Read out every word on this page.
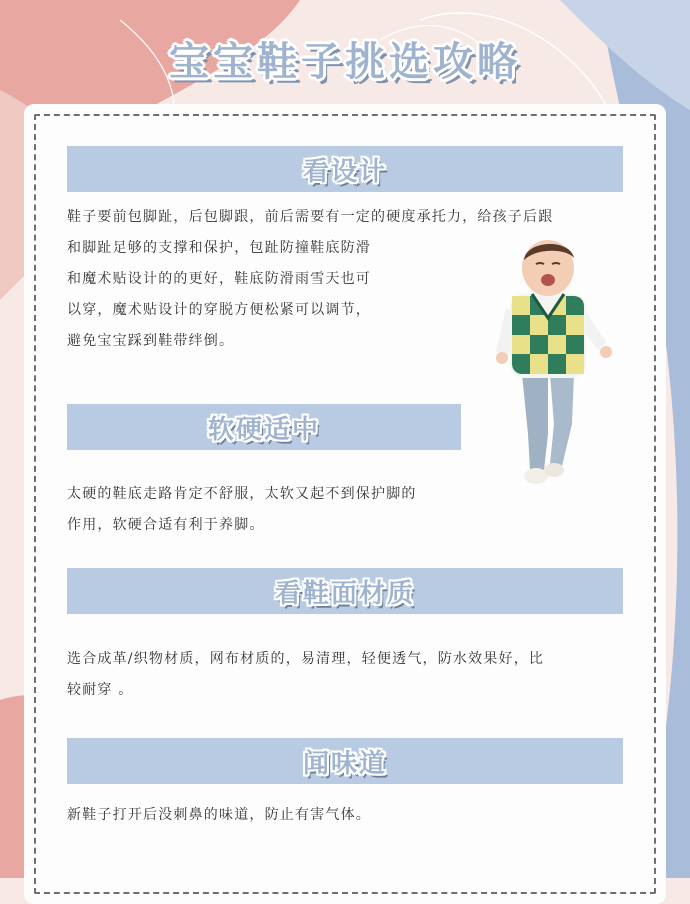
宝宝鞋子挑选攻略
看设计
鞋子要前包脚趾，后包脚跟，前后需要有一定的硬度承托力，给孩子后跟
和脚趾足够的支撑和保护，包趾防撞鞋底防滑
和魔术贴设计的的更好，鞋底防滑雨雪天也可
以穿，魔术贴设计的穿脱方便松紧可以调节，
避免宝宝踩到鞋带绊倒。
软硬适中
太硬的鞋底走路肯定不舒服，太软又起不到保护脚的
作用，软硬合适有利于养脚。
看鞋面材质
选合成革/织物材质，网布材质的，易清理，轻便透气，防水效果好，比
较耐穿 。
闻味道
新鞋子打开后没刺鼻的味道，防止有害气体。
